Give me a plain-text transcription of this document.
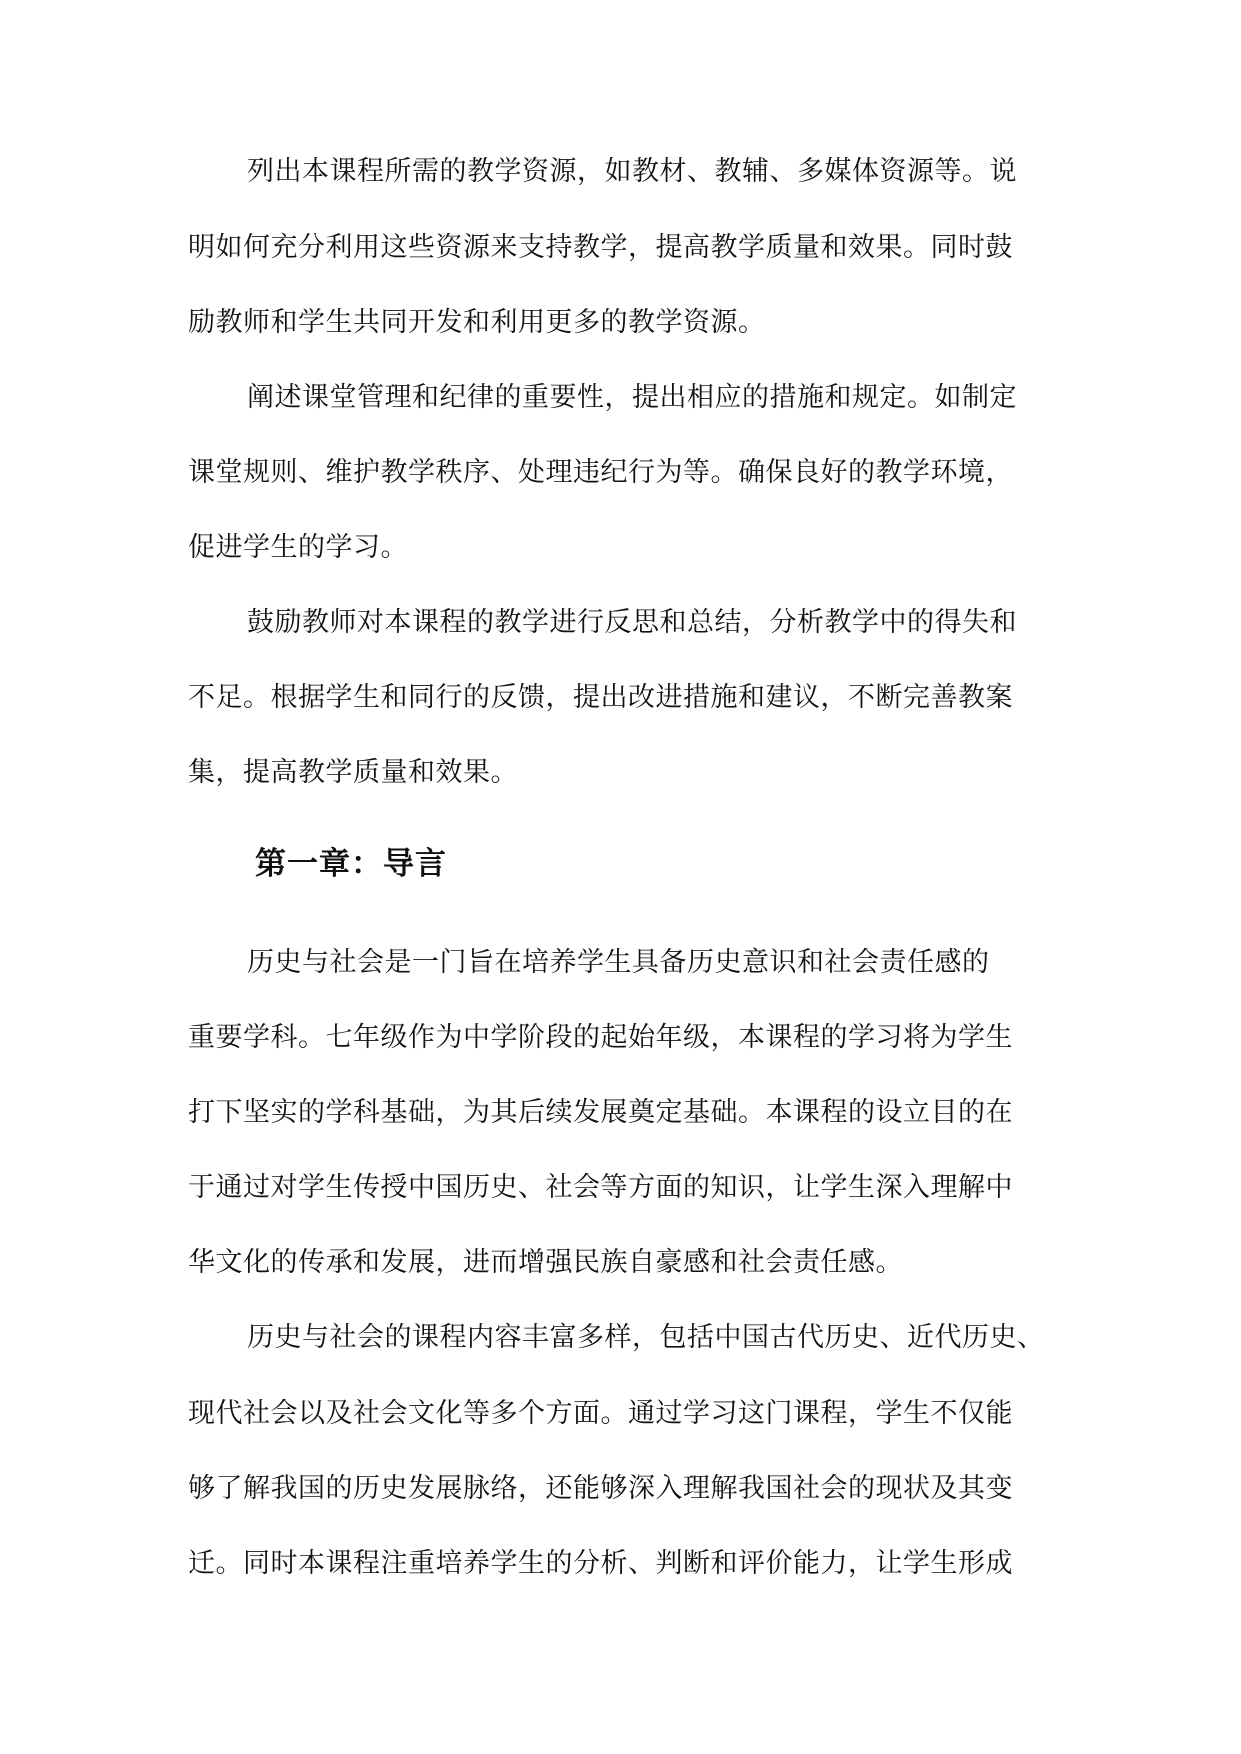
列出本课程所需的教学资源，如教材、教辅、多媒体资源等。说
明如何充分利用这些资源来支持教学，提高教学质量和效果。同时鼓
励教师和学生共同开发和利用更多的教学资源。
阐述课堂管理和纪律的重要性，提出相应的措施和规定。如制定
课堂规则、维护教学秩序、处理违纪行为等。确保良好的教学环境，
促进学生的学习。
鼓励教师对本课程的教学进行反思和总结，分析教学中的得失和
不足。根据学生和同行的反馈，提出改进措施和建议，不断完善教案
集，提高教学质量和效果。
第一章：导言
历史与社会是一门旨在培养学生具备历史意识和社会责任感的
重要学科。七年级作为中学阶段的起始年级，本课程的学习将为学生
打下坚实的学科基础，为其后续发展奠定基础。本课程的设立目的在
于通过对学生传授中国历史、社会等方面的知识，让学生深入理解中
华文化的传承和发展，进而增强民族自豪感和社会责任感。
历史与社会的课程内容丰富多样，包括中国古代历史、近代历史、
现代社会以及社会文化等多个方面。通过学习这门课程，学生不仅能
够了解我国的历史发展脉络，还能够深入理解我国社会的现状及其变
迁。同时本课程注重培养学生的分析、判断和评价能力，让学生形成
